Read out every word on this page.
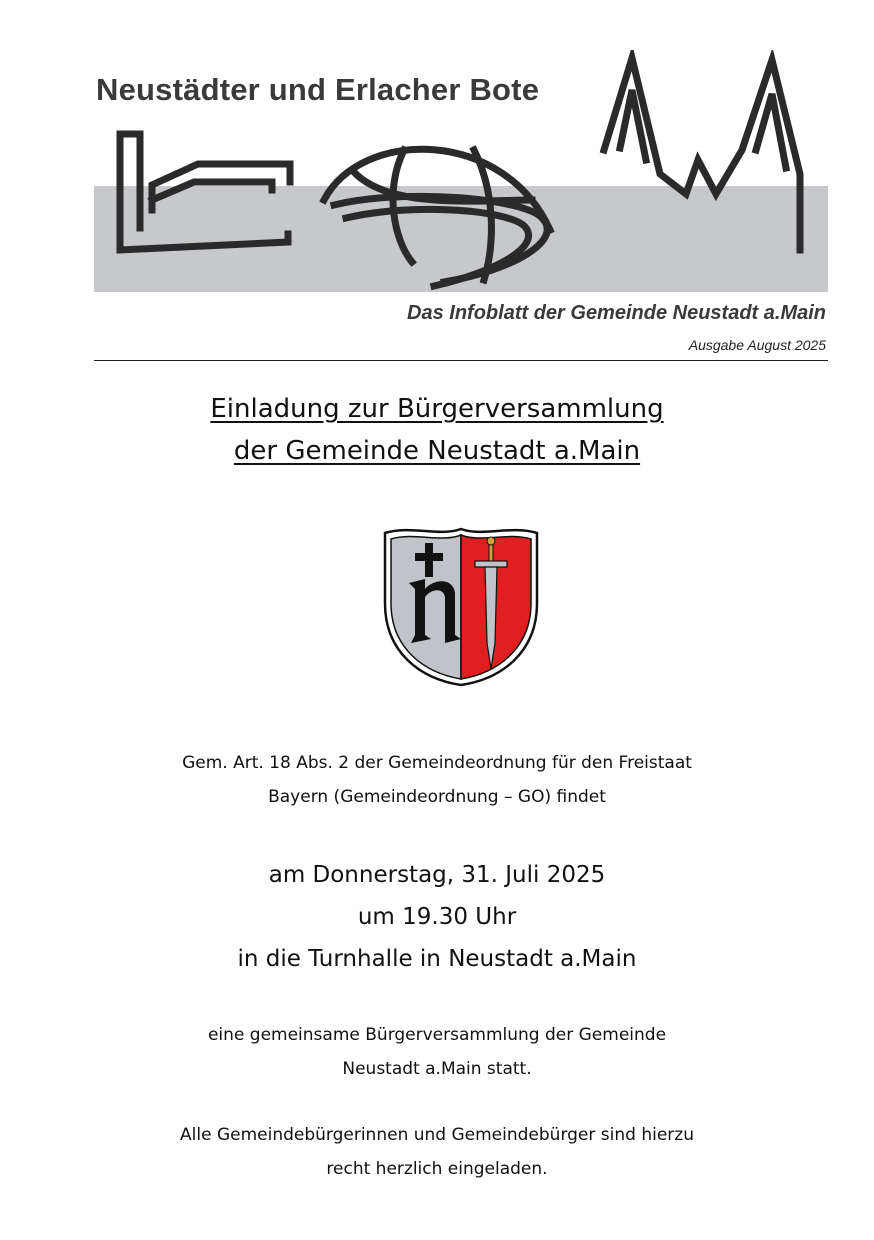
Neustädter und Erlacher Bote

Das Infoblatt der Gemeinde Neustadt a.Main

Ausgabe August 2025

Einladung zur Bürgerversammlung
der Gemeinde Neustadt a.Main

Gem. Art. 18 Abs. 2 der Gemeindeordnung für den Freistaat

Bayern (Gemeindeordnung – GO) findet

am Donnerstag, 31. Juli 2025

um 19.30 Uhr

in die Turnhalle in Neustadt a.Main

eine gemeinsame Bürgerversammlung der Gemeinde

Neustadt a.Main statt.

Alle Gemeindebürgerinnen und Gemeindebürger sind hierzu

recht herzlich eingeladen.
